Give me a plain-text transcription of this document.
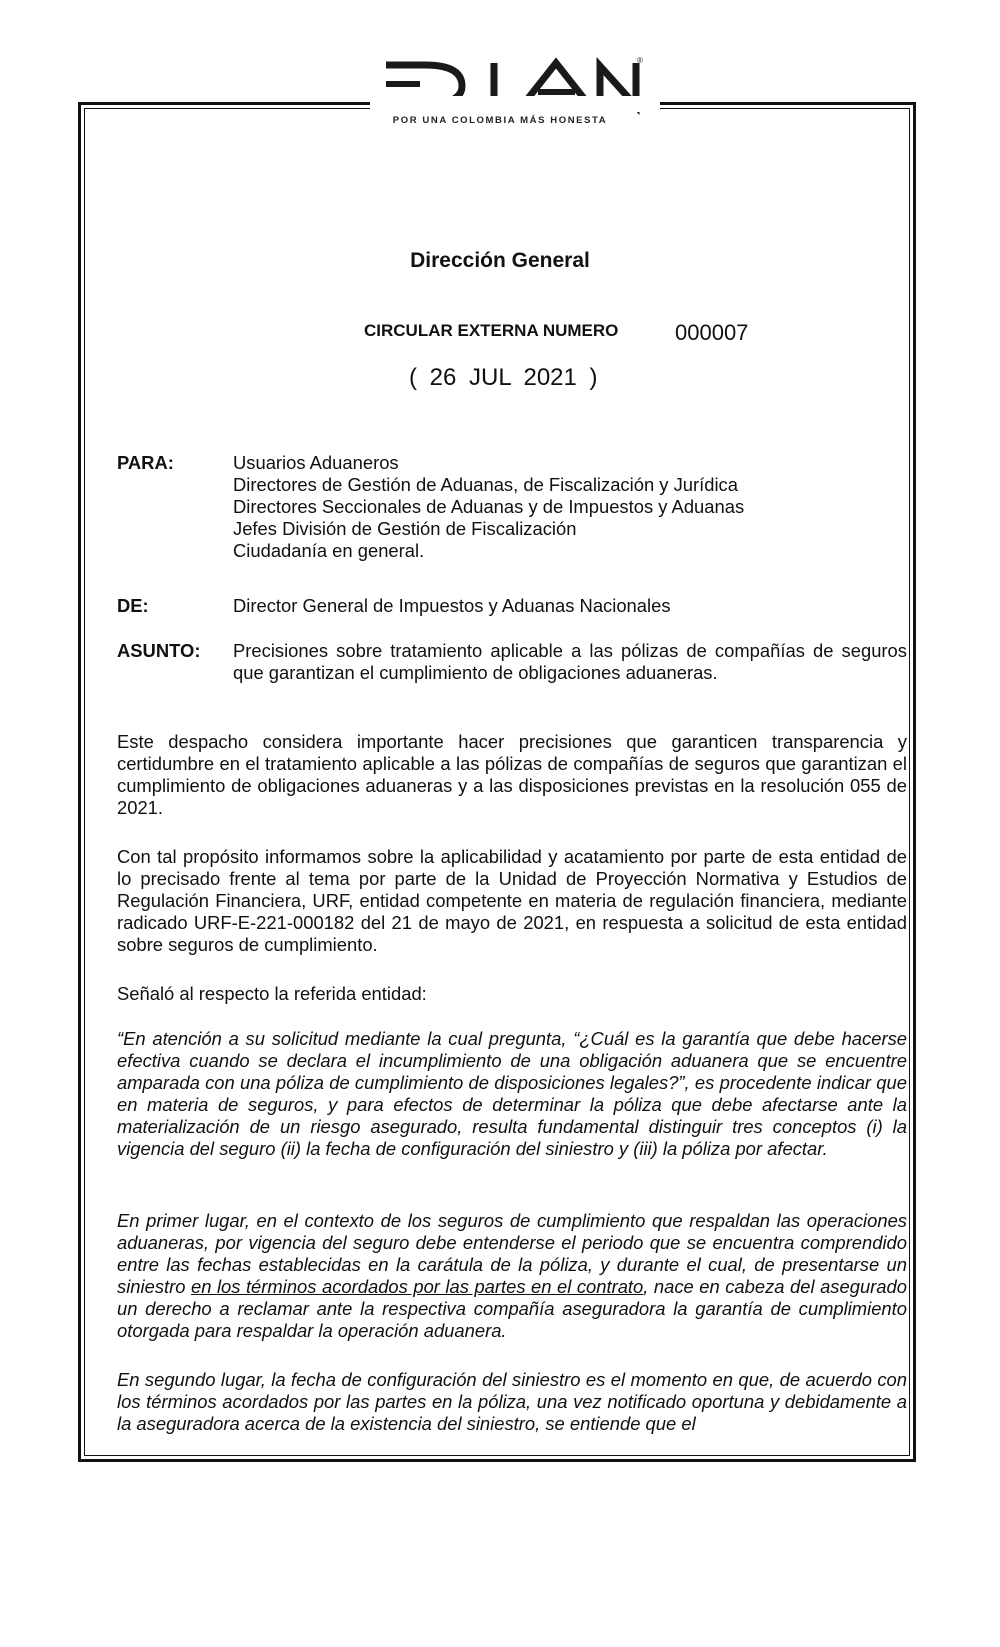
®
POR UNA COLOMBIA MÁS HONESTA
Dirección General
CIRCULAR EXTERNA NUMERO	000007
( 26 JUL 2021 )
PARA:	Usuarios Aduaneros
Directores de Gestión de Aduanas, de Fiscalización y Jurídica
Directores Seccionales de Aduanas y de Impuestos y Aduanas
Jefes División de Gestión de Fiscalización
Ciudadanía en general.
DE:	Director General de Impuestos y Aduanas Nacionales
ASUNTO: Precisiones sobre tratamiento aplicable a las pólizas de compañías de seguros que garantizan el cumplimiento de obligaciones aduaneras.
Este despacho considera importante hacer precisiones que garanticen transparencia y certidumbre en el tratamiento aplicable a las pólizas de compañías de seguros que garantizan el cumplimiento de obligaciones aduaneras y a las disposiciones previstas en la resolución 055 de 2021.
Con tal propósito informamos sobre la aplicabilidad y acatamiento por parte de esta entidad de lo precisado frente al tema por parte de la Unidad de Proyección Normativa y Estudios de Regulación Financiera, URF, entidad competente en materia de regulación financiera, mediante radicado URF-E-221-000182 del 21 de mayo de 2021, en respuesta a solicitud de esta entidad sobre seguros de cumplimiento.
Señaló al respecto la referida entidad:
“En atención a su solicitud mediante la cual pregunta, “¿Cuál es la garantía que debe hacerse efectiva cuando se declara el incumplimiento de una obligación aduanera que se encuentre amparada con una póliza de cumplimiento de disposiciones legales?”, es procedente indicar que en materia de seguros, y para efectos de determinar la póliza que debe afectarse ante la materialización de un riesgo asegurado, resulta fundamental distinguir tres conceptos (i) la vigencia del seguro (ii) la fecha de configuración del siniestro y (iii) la póliza por afectar.
En primer lugar, en el contexto de los seguros de cumplimiento que respaldan las operaciones aduaneras, por vigencia del seguro debe entenderse el periodo que se encuentra comprendido entre las fechas establecidas en la carátula de la póliza, y durante el cual, de presentarse un siniestro en los términos acordados por las partes en el contrato, nace en cabeza del asegurado un derecho a reclamar ante la respectiva compañía aseguradora la garantía de cumplimiento otorgada para respaldar la operación aduanera.
En segundo lugar, la fecha de configuración del siniestro es el momento en que, de acuerdo con los términos acordados por las partes en la póliza, una vez notificado oportuna y debidamente a la aseguradora acerca de la existencia del siniestro, se entiende que el
